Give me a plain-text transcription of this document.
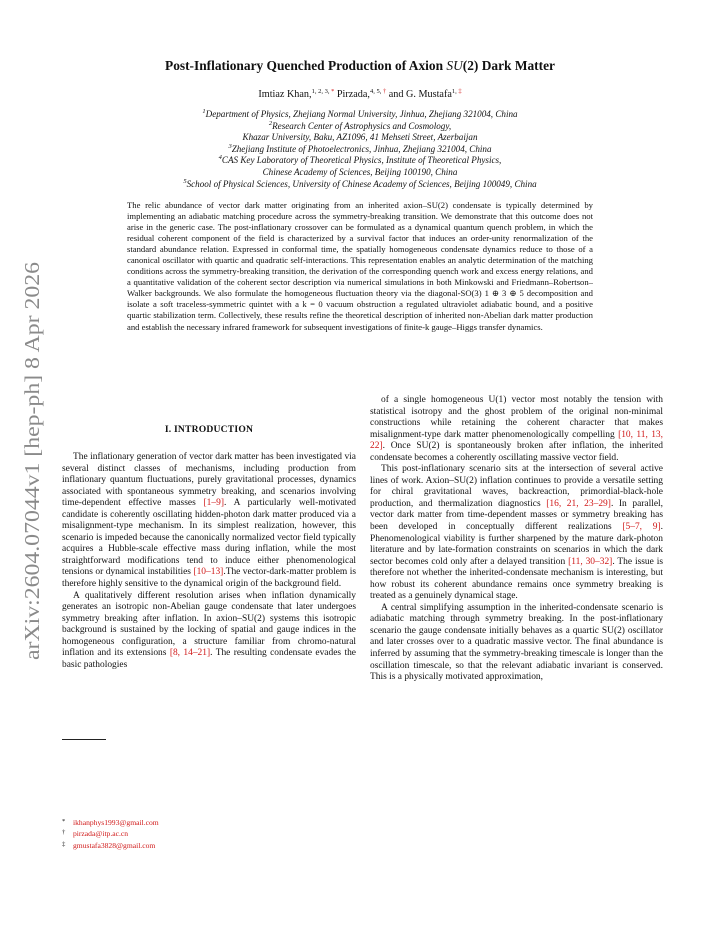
arXiv:2604.07044v1 [hep-ph] 8 Apr 2026
Post-Inflationary Quenched Production of Axion SU(2) Dark Matter
Imtiaz Khan,$^{1, 2, 3, *}$ Pirzada,$^{4, 5, \dagger}$ and G. Mustafa$^{1, \ddagger}$
$^1$Department of Physics, Zhejiang Normal University, Jinhua, Zhejiang 321004, China
$^2$Research Center of Astrophysics and Cosmology,
Khazar University, Baku, AZ1096, 41 Mehseti Street, Azerbaijan
$^3$Zhejiang Institute of Photoelectronics, Jinhua, Zhejiang 321004, China
$^4$CAS Key Laboratory of Theoretical Physics, Institute of Theoretical Physics,
Chinese Academy of Sciences, Beijing 100190, China
$^5$School of Physical Sciences, University of Chinese Academy of Sciences, Beijing 100049, China

The relic abundance of vector dark matter originating from an inherited axion–SU(2) condensate is typically determined by implementing an adiabatic matching procedure across the symmetry-breaking transition. We demonstrate that this outcome does not arise in the generic case. The post-inflationary crossover can be formulated as a dynamical quantum quench problem, in which the residual coherent component of the field is characterized by a survival factor that induces an order-unity renormalization of the standard abundance relation. Expressed in conformal time, the spatially homogeneous condensate dynamics reduce to those of a canonical oscillator with quartic and quadratic self-interactions. This representation enables an analytic determination of the matching conditions across the symmetry-breaking transition, the derivation of the corresponding quench work and excess energy relations, and a quantitative validation of the coherent sector description via numerical simulations in both Minkowski and Friedmann–Robertson–Walker backgrounds. We also formulate the homogeneous fluctuation theory via the diagonal-SO(3) 1 ⊕ 3 ⊕ 5 decomposition and isolate a soft traceless-symmetric quintet with a k = 0 vacuum obstruction a regulated ultraviolet adiabatic bound, and a positive quartic stabilization term. Collectively, these results refine the theoretical description of inherited non-Abelian dark matter production and establish the necessary infrared framework for subsequent investigations of finite-k gauge–Higgs transfer dynamics.

I. INTRODUCTION

The inflationary generation of vector dark matter has been investigated via several distinct classes of mechanisms, including production from inflationary quantum fluctuations, purely gravitational processes, dynamics associated with spontaneous symmetry breaking, and scenarios involving time-dependent effective masses [1–9]. A particularly well-motivated candidate is coherently oscillating hidden-photon dark matter produced via a misalignment-type mechanism. In its simplest realization, however, this scenario is impeded because the canonically normalized vector field typically acquires a Hubble-scale effective mass during inflation, while the most straightforward modifications tend to induce either phenomenological tensions or dynamical instabilities [10–13].The vector-dark-matter problem is therefore highly sensitive to the dynamical origin of the background field.

A qualitatively different resolution arises when inflation dynamically generates an isotropic non-Abelian gauge condensate that later undergoes symmetry breaking after inflation. In axion–SU(2) systems this isotropic background is sustained by the locking of spatial and gauge indices in the homogeneous configuration, a structure familiar from chromo-natural inflation and its extensions [8, 14–21]. The resulting condensate evades the basic pathologies

of a single homogeneous U(1) vector most notably the tension with statistical isotropy and the ghost problem of the original non-minimal constructions while retaining the coherent character that makes misalignment-type dark matter phenomenologically compelling [10, 11, 13, 22]. Once SU(2) is spontaneously broken after inflation, the inherited condensate becomes a coherently oscillating massive vector field.

This post-inflationary scenario sits at the intersection of several active lines of work. Axion–SU(2) inflation continues to provide a versatile setting for chiral gravitational waves, backreaction, primordial-black-hole production, and thermalization diagnostics [16, 21, 23–29]. In parallel, vector dark matter from time-dependent masses or symmetry breaking has been developed in conceptually different realizations [5–7, 9]. Phenomenological viability is further sharpened by the mature dark-photon literature and by late-formation constraints on scenarios in which the dark sector becomes cold only after a delayed transition [11, 30–32]. The issue is therefore not whether the inherited-condensate mechanism is interesting, but how robust its coherent abundance remains once symmetry breaking is treated as a genuinely dynamical stage.

A central simplifying assumption in the inherited-condensate scenario is adiabatic matching through symmetry breaking. In the post-inflationary scenario the gauge condensate initially behaves as a quartic SU(2) oscillator and later crosses over to a quadratic massive vector. The final abundance is inferred by assuming that the symmetry-breaking timescale is longer than the oscillation timescale, so that the relevant adiabatic invariant is conserved. This is a physically motivated approximation,

* ikhanphys1993@gmail.com
† pirzada@itp.ac.cn
‡ gmustafa3828@gmail.com
